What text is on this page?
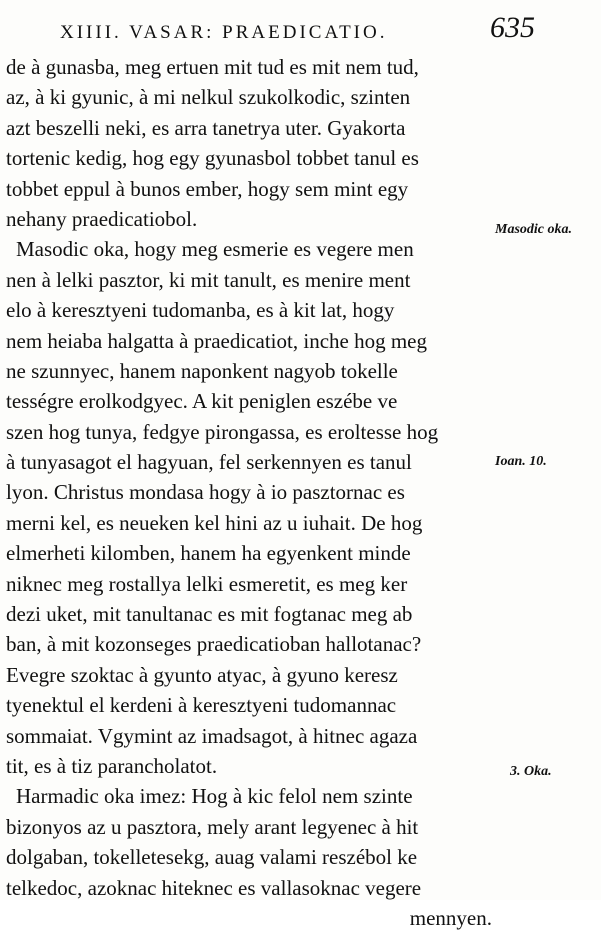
XIIII. VASAR: PRAEDICATIO.	635
de à gunasba, meg ertuen mit tud es mit nem tud,
az, à ki gyunic, à mi nelkul szukolkodic, szinten
azt beszelli neki, es arra tanetrya uter. Gyakorta
tortenic kedig, hog egy gyunasbol tobbet tanul es
tobbet eppul à bunos ember, hogy sem mint egy
nehany praedicatiobol.
Masodic oka, hogy meg esmerie es vegere men
nen à lelki pasztor, ki mit tanult, es menire ment
elo à keresztyeni tudomanba, es à kit lat, hogy
nem heiaba halgatta à praedicatiot, inche hog meg
ne szunnyec, hanem naponkent nagyob tokelle
tességre erolkodgyec. A kit peniglen eszébe ve
szen hog tunya, fedgye pirongassa, es eroltesse hog
à tunyasagot el hagyuan, fel serkennyen es tanul
lyon. Christus mondasa hogy à io pasztornac es
merni kel, es neueken kel hini az u iuhait. De hog
elmerheti kilomben, hanem ha egyenkent minde
niknec meg rostallya lelki esmeretit, es meg ker
dezi uket, mit tanultanac es mit fogtanac meg ab
ban, à mit kozonseges praedicatioban hallotanac?
Evegre szoktac à gyunto atyac, à gyuno keresz
tyenektul el kerdeni à keresztyeni tudomannac
sommaiat. Vgymint az imadsagot, à hitnec agaza
tit, es à tiz parancholatot.
Harmadic oka imez: Hog à kic felol nem szinte
bizonyos az u pasztora, mely arant legyenec à hit
dolgaban, tokelletesekg, auag valami reszébol ke
telkedoc, azoknac hiteknec es vallasoknac vegere
mennyen.
Masodic oka.
Ioan. 10.
3. Oka.
